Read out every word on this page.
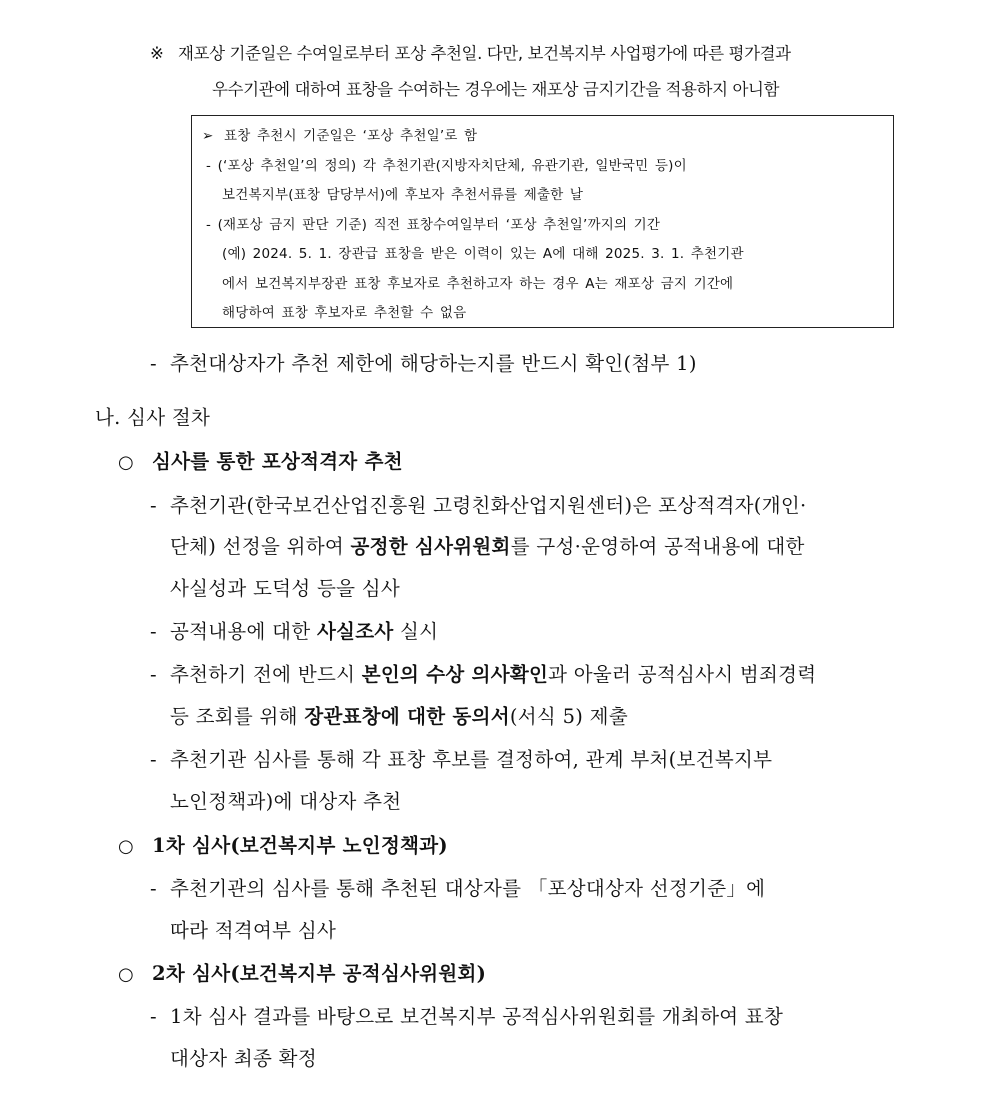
※ 재포상 기준일은 수여일로부터 포상 추천일. 다만, 보건복지부 사업평가에 따른 평가결과
우수기관에 대하여 표창을 수여하는 경우에는 재포상 금지기간을 적용하지 아니함
➢ 표창 추천시 기준일은 ‘포상 추천일’로 함
- (‘포상 추천일’의 정의) 각 추천기관(지방자치단체, 유관기관, 일반국민 등)이
보건복지부(표창 담당부서)에 후보자 추천서류를 제출한 날
- (재포상 금지 판단 기준) 직전 표창수여일부터 ‘포상 추천일’까지의 기간
(예) 2024. 5. 1. 장관급 표창을 받은 이력이 있는 A에 대해 2025. 3. 1. 추천기관
에서 보건복지부장관 표창 후보자로 추천하고자 하는 경우 A는 재포상 금지 기간에
해당하여 표창 후보자로 추천할 수 없음
- 추천대상자가 추천 제한에 해당하는지를 반드시 확인(첨부 1)
나. 심사 절차
○ 심사를 통한 포상적격자 추천
- 추천기관(한국보건산업진흥원 고령친화산업지원센터)은 포상적격자(개인·
단체) 선정을 위하여 공정한 심사위원회를 구성·운영하여 공적내용에 대한
사실성과 도덕성 등을 심사
- 공적내용에 대한 사실조사 실시
- 추천하기 전에 반드시 본인의 수상 의사확인과 아울러 공적심사시 범죄경력
등 조회를 위해 장관표창에 대한 동의서(서식 5) 제출
- 추천기관 심사를 통해 각 표창 후보를 결정하여, 관계 부처(보건복지부
노인정책과)에 대상자 추천
○ 1차 심사(보건복지부 노인정책과)
- 추천기관의 심사를 통해 추천된 대상자를 「포상대상자 선정기준」에
따라 적격여부 심사
○ 2차 심사(보건복지부 공적심사위원회)
- 1차 심사 결과를 바탕으로 보건복지부 공적심사위원회를 개최하여 표창
대상자 최종 확정
